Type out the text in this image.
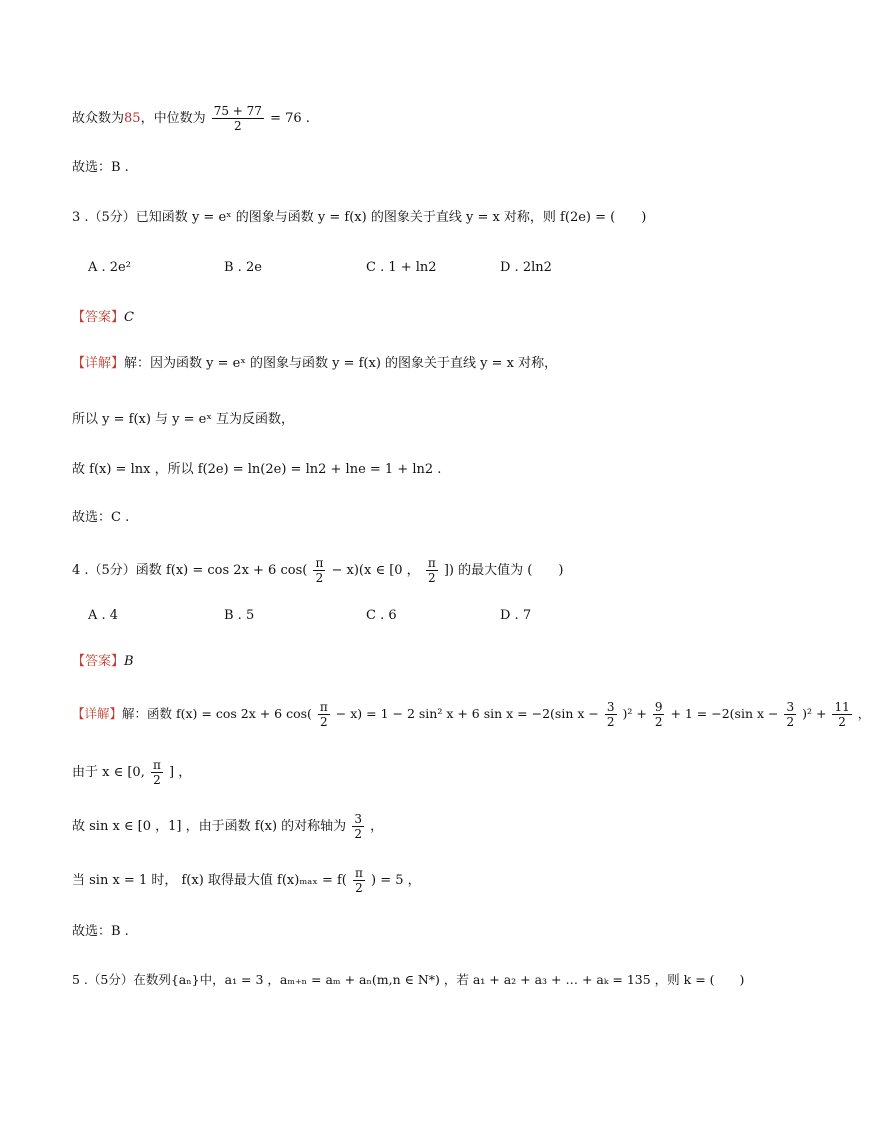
故众数为85，中位数为 $\frac{75 + 77}{2} = 76$ .
故选：B .
3 .（5分）已知函数 y = eˣ 的图象与函数 y = f(x) 的图象关于直线 y = x 对称，则 f(2e) = (　　)
A . 2e²	B . 2e	C . 1 + ln2	D . 2ln2
【答案】C
【详解】解：因为函数 y = eˣ 的图象与函数 y = f(x) 的图象关于直线 y = x 对称，
所以 y = f(x) 与 y = eˣ 互为反函数，
故 f(x) = lnx ，所以 f(2e) = ln(2e) = ln2 + lne = 1 + ln2 .
故选：C .
4 .（5分）函数 f(x) = cos 2x + 6 $\cos( \frac{\pi}{2} - x)(x$ ∈ [0 ， $\frac{\pi}{2}$ ]) 的最大值为 (　　)
A . 4	B . 5	C . 6	D . 7
【答案】B
【详解】解：函数 f(x) = cos 2x + 6 $\cos( \frac{\pi}{2} - x) = 1 - 2$ sin² x + 6 sin x = −2(sin $x - \frac{3}{2} )^2 + \frac{9}{2} + 1 = -2(\sin$ $x - \frac{3}{2} )^2 + \frac{11}{2}$ ，
由于 x ∈ [0, $\frac{\pi}{2}$ ] ，
故 sin x ∈ [0 ，1] ，由于函数 f(x) 的对称轴为 $\frac{3}{2}$ ，
当 sin x = 1 时， f(x) 取得最大值 $f(x)_{max} = f( \frac{\pi}{2}$ ) = 5 ，
故选：B .
5 .（5分）在数列{aₙ}中，a₁ = 3 ，aₘ₊ₙ = aₘ + aₙ(m,n ∈ N*) ，若 a₁ + a₂ + a₃ + … + aₖ = 135 ，则 k = (　　)
